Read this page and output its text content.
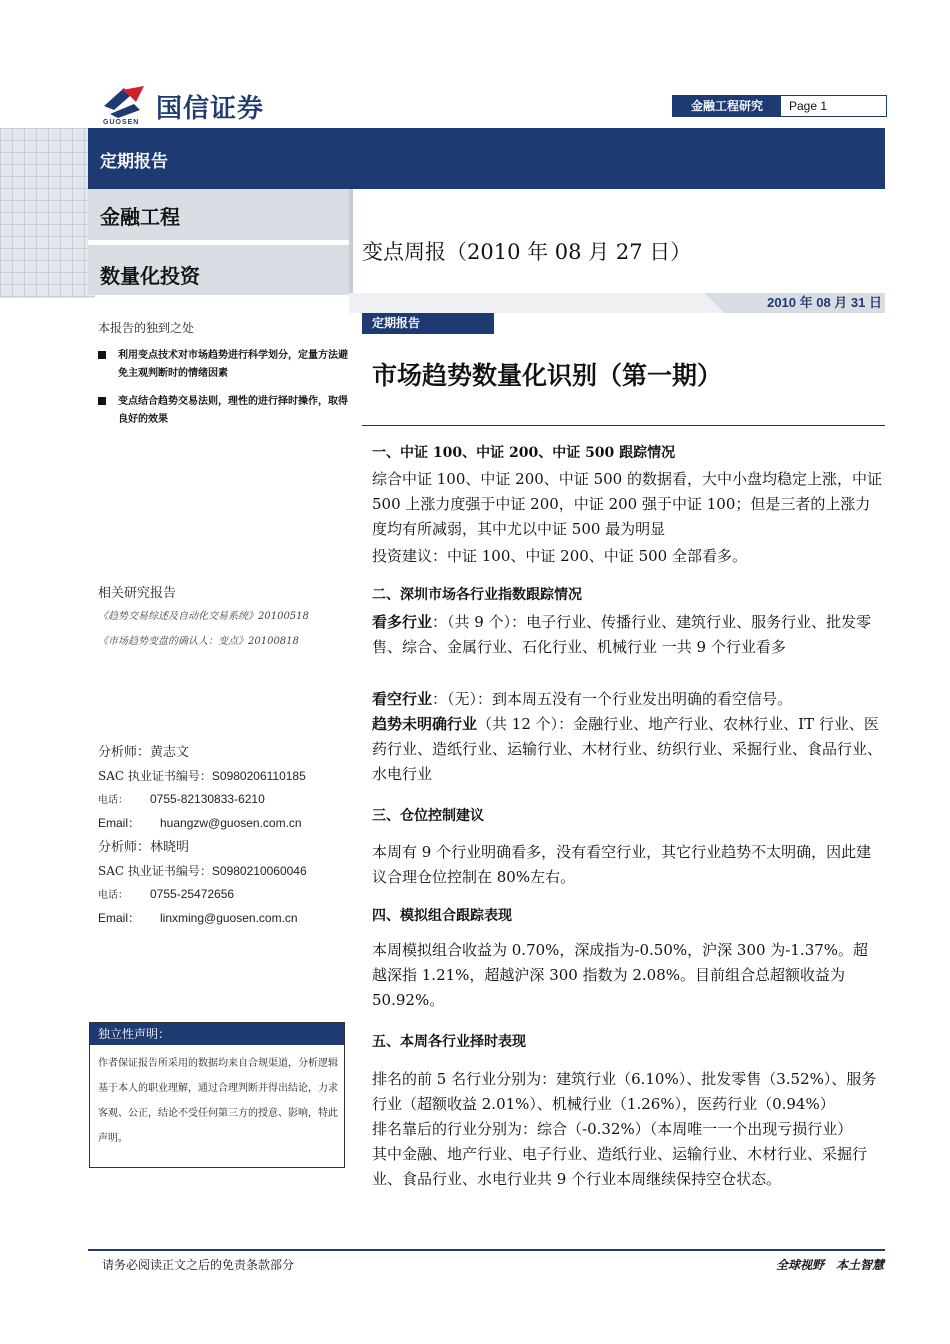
国信证券
GUOSEN
金融工程研究	Page 1
定期报告
金融工程
数量化投资
变点周报（2010 年 08 月 27 日）
2010 年 08 月 31 日
定期报告
市场趋势数量化识别（第一期）
本报告的独到之处
利用变点技术对市场趋势进行科学划分，定量方法避免主观判断时的情绪因素
变点结合趋势交易法则，理性的进行择时操作，取得良好的效果
相关研究报告
《趋势交易综述及自动化交易系统》20100518
《市场趋势变盘的确认人：变点》20100818
分析师：黄志文
SAC 执业证书编号：S0980206110185
电话： 0755-82130833-6210
Email： huangzw@guosen.com.cn
分析师：林晓明
SAC 执业证书编号：S0980210060046
电话： 0755-25472656
Email： linxming@guosen.com.cn
独立性声明：
作者保证报告所采用的数据均来自合规渠道，分析逻辑基于本人的职业理解，通过合理判断并得出结论，力求客观、公正，结论不受任何第三方的授意、影响，特此声明。
一、中证 100、中证 200、中证 500 跟踪情况
综合中证 100、中证 200、中证 500 的数据看，大中小盘均稳定上涨，中证 500 上涨力度强于中证 200，中证 200 强于中证 100；但是三者的上涨力度均有所减弱，其中尤以中证 500 最为明显
投资建议：中证 100、中证 200、中证 500 全部看多。
二、深圳市场各行业指数跟踪情况
看多行业：（共 9 个）：电子行业、传播行业、建筑行业、服务行业、批发零售、综合、金属行业、石化行业、机械行业 一共 9 个行业看多
看空行业：（无）：到本周五没有一个行业发出明确的看空信号。
趋势未明确行业（共 12 个）：金融行业、地产行业、农林行业、IT 行业、医药行业、造纸行业、运输行业、木材行业、纺织行业、采掘行业、食品行业、水电行业
三、仓位控制建议
本周有 9 个行业明确看多，没有看空行业，其它行业趋势不太明确，因此建议合理仓位控制在 80%左右。
四、模拟组合跟踪表现
本周模拟组合收益为 0.70%，深成指为-0.50%，沪深 300 为-1.37%。超越深指 1.21%，超越沪深 300 指数为 2.08%。目前组合总超额收益为 50.92%。
五、本周各行业择时表现
排名的前 5 名行业分别为：建筑行业（6.10%）、批发零售（3.52%）、服务行业（超额收益 2.01%）、机械行业（1.26%），医药行业（0.94%）
排名靠后的行业分别为：综合（-0.32%）（本周唯一一个出现亏损行业）
其中金融、地产行业、电子行业、造纸行业、运输行业、木材行业、采掘行业、食品行业、水电行业共 9 个行业本周继续保持空仓状态。
请务必阅读正文之后的免责条款部分	全球视野　本土智慧
